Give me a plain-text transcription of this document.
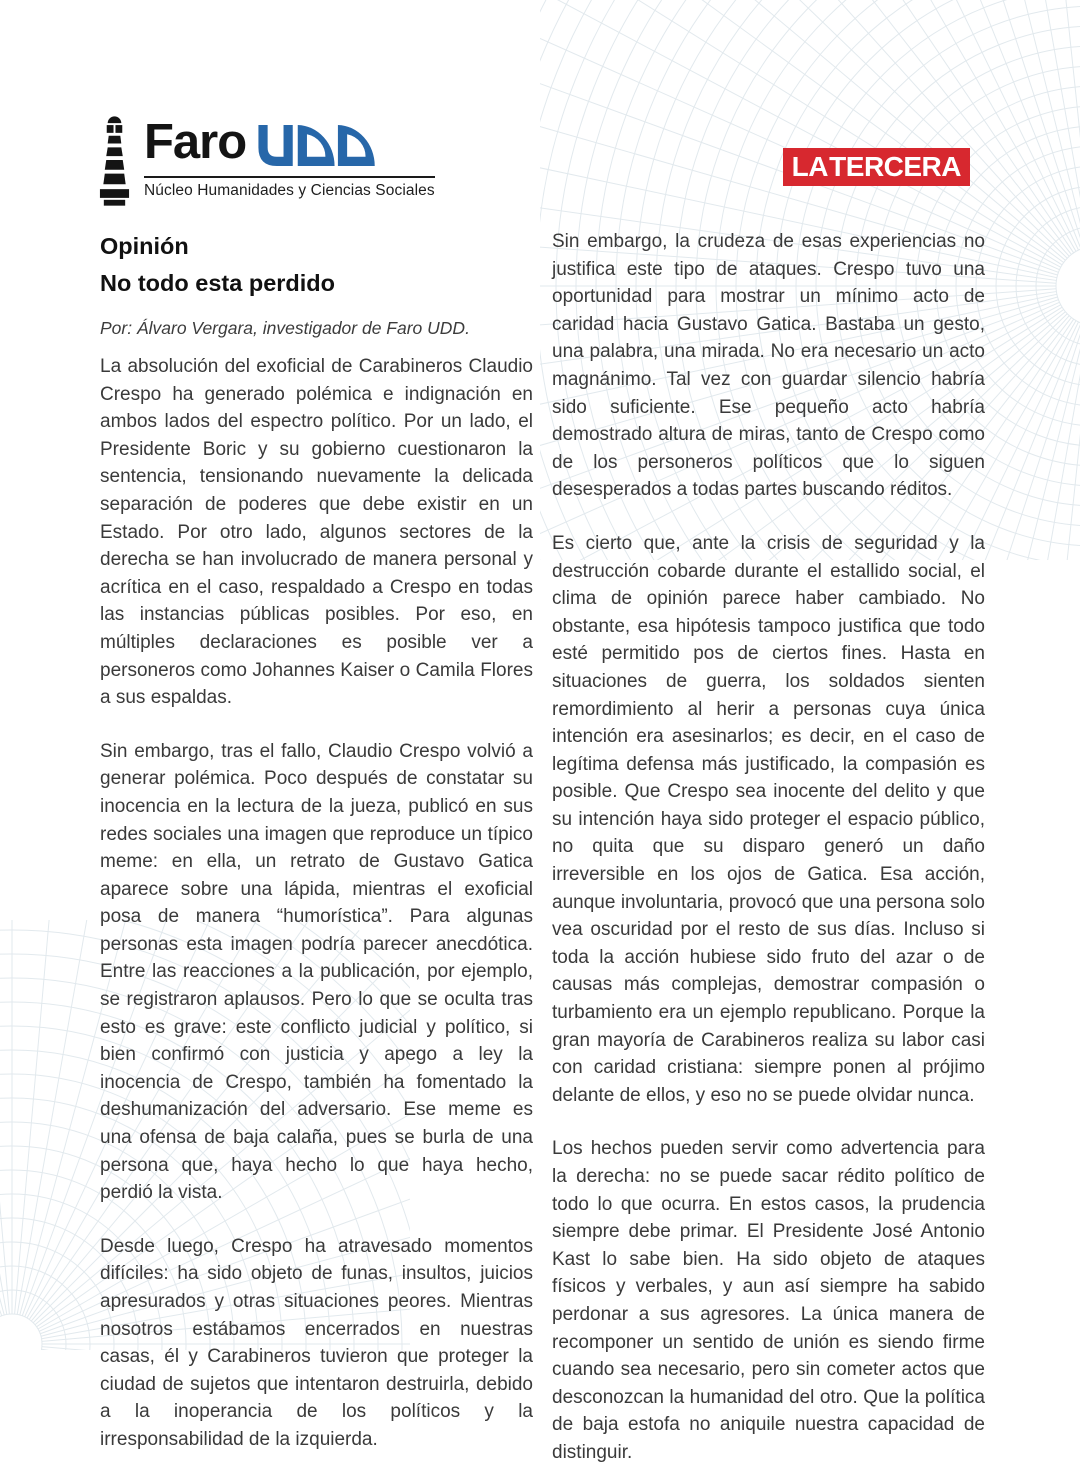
Faro
Núcleo Humanidades y Ciencias Sociales
LA TERCERA

Opinión

No todo esta perdido

Por: Álvaro Vergara, investigador de Faro UDD.

La absolución del exoficial de Carabineros Claudio Crespo ha generado polémica e indignación en ambos lados del espectro político. Por un lado, el Presidente Boric y su gobierno cuestionaron la sentencia, tensionando nuevamente la delicada separación de poderes que debe existir en un Estado. Por otro lado, algunos sectores de la derecha se han involucrado de manera personal y acrítica en el caso, respaldado a Crespo en todas las instancias públicas posibles. Por eso, en múltiples declaraciones es posible ver a personeros como Johannes Kaiser o Camila Flores a sus espaldas.

Sin embargo, tras el fallo, Claudio Crespo volvió a generar polémica. Poco después de constatar su inocencia en la lectura de la jueza, publicó en sus redes sociales una imagen que reproduce un típico meme: en ella, un retrato de Gustavo Gatica aparece sobre una lápida, mientras el exoficial posa de manera “humorística”. Para algunas personas esta imagen podría parecer anecdótica. Entre las reacciones a la publicación, por ejemplo, se registraron aplausos. Pero lo que se oculta tras esto es grave: este conflicto judicial y político, si bien confirmó con justicia y apego a ley la inocencia de Crespo, también ha fomentado la deshumanización del adversario. Ese meme es una ofensa de baja calaña, pues se burla de una persona que, haya hecho lo que haya hecho, perdió la vista.

Desde luego, Crespo ha atravesado momentos difíciles: ha sido objeto de funas, insultos, juicios apresurados y otras situaciones peores. Mientras nosotros estábamos encerrados en nuestras casas, él y Carabineros tuvieron que proteger la ciudad de sujetos que intentaron destruirla, debido a la inoperancia de los políticos y la irresponsabilidad de la izquierda.

Sin embargo, la crudeza de esas experiencias no justifica este tipo de ataques. Crespo tuvo una oportunidad para mostrar un mínimo acto de caridad hacia Gustavo Gatica. Bastaba un gesto, una palabra, una mirada. No era necesario un acto magnánimo. Tal vez con guardar silencio habría sido suficiente. Ese pequeño acto habría demostrado altura de miras, tanto de Crespo como de los personeros políticos que lo siguen desesperados a todas partes buscando réditos.

Es cierto que, ante la crisis de seguridad y la destrucción cobarde durante el estallido social, el clima de opinión parece haber cambiado. No obstante, esa hipótesis tampoco justifica que todo esté permitido pos de ciertos fines. Hasta en situaciones de guerra, los soldados sienten remordimiento al herir a personas cuya única intención era asesinarlos; es decir, en el caso de legítima defensa más justificado, la compasión es posible. Que Crespo sea inocente del delito y que su intención haya sido proteger el espacio público, no quita que su disparo generó un daño irreversible en los ojos de Gatica. Esa acción, aunque involuntaria, provocó que una persona solo vea oscuridad por el resto de sus días. Incluso si toda la acción hubiese sido fruto del azar o de causas más complejas, demostrar compasión o turbamiento era un ejemplo republicano. Porque la gran mayoría de Carabineros realiza su labor casi con caridad cristiana: siempre ponen al prójimo delante de ellos, y eso no se puede olvidar nunca.

Los hechos pueden servir como advertencia para la derecha: no se puede sacar rédito político de todo lo que ocurra. En estos casos, la prudencia siempre debe primar. El Presidente José Antonio Kast lo sabe bien. Ha sido objeto de ataques físicos y verbales, y aun así siempre ha sabido perdonar a sus agresores. La única manera de recomponer un sentido de unión es siendo firme cuando sea necesario, pero sin cometer actos que desconozcan la humanidad del otro. Que la política de baja estofa no aniquile nuestra capacidad de distinguir.
